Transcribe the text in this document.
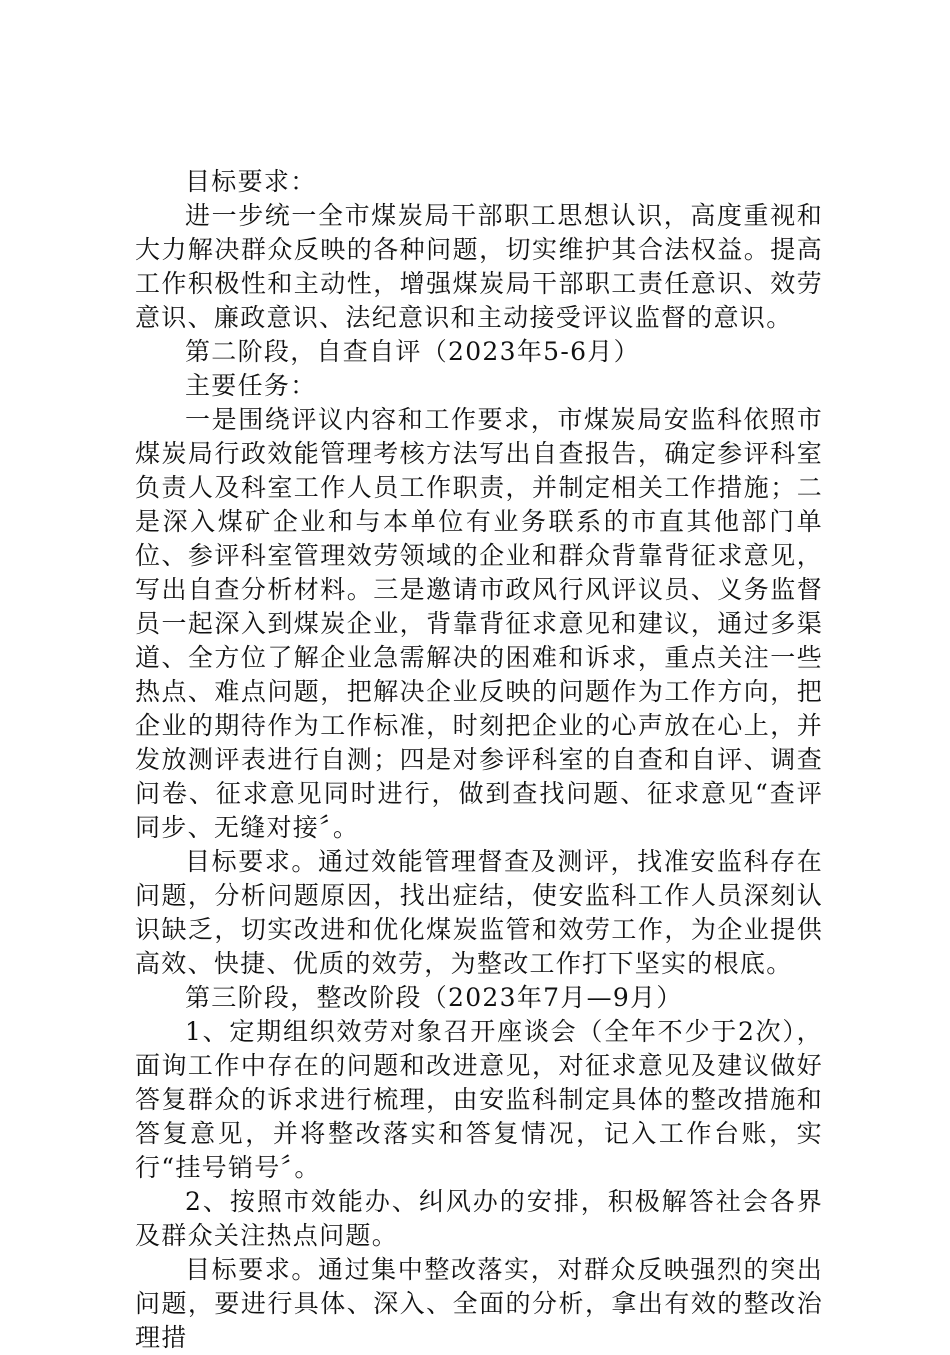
目标要求：

进一步统一全市煤炭局干部职工思想认识，高度重视和大力解决群众反映的各种问题，切实维护其合法权益。提高工作积极性和主动性，增强煤炭局干部职工责任意识、效劳意识、廉政意识、法纪意识和主动接受评议监督的意识。

第二阶段，自查自评（2023年5-6月）

主要任务：

一是围绕评议内容和工作要求，市煤炭局安监科依照市煤炭局行政效能管理考核方法写出自查报告，确定参评科室负责人及科室工作人员工作职责，并制定相关工作措施；二是深入煤矿企业和与本单位有业务联系的市直其他部门单位、参评科室管理效劳领域的企业和群众背靠背征求意见，写出自查分析材料。三是邀请市政风行风评议员、义务监督员一起深入到煤炭企业，背靠背征求意见和建议，通过多渠道、全方位了解企业急需解决的困难和诉求，重点关注一些热点、难点问题，把解决企业反映的问题作为工作方向，把企业的期待作为工作标准，时刻把企业的心声放在心上，并发放测评表进行自测；四是对参评科室的自查和自评、调查问卷、征求意见同时进行，做到查找问题、征求意见“查评同步、无缝对接〞。

目标要求。通过效能管理督查及测评，找准安监科存在问题，分析问题原因，找出症结，使安监科工作人员深刻认识缺乏，切实改进和优化煤炭监管和效劳工作，为企业提供高效、快捷、优质的效劳，为整改工作打下坚实的根底。

第三阶段，整改阶段（2023年7月—9月）

1、定期组织效劳对象召开座谈会（全年不少于2次），面询工作中存在的问题和改进意见，对征求意见及建议做好答复群众的诉求进行梳理，由安监科制定具体的整改措施和答复意见，并将整改落实和答复情况，记入工作台账，实行“挂号销号〞。

2、按照市效能办、纠风办的安排，积极解答社会各界及群众关注热点问题。

目标要求。通过集中整改落实，对群众反映强烈的突出问题，要进行具体、深入、全面的分析，拿出有效的整改治理措
